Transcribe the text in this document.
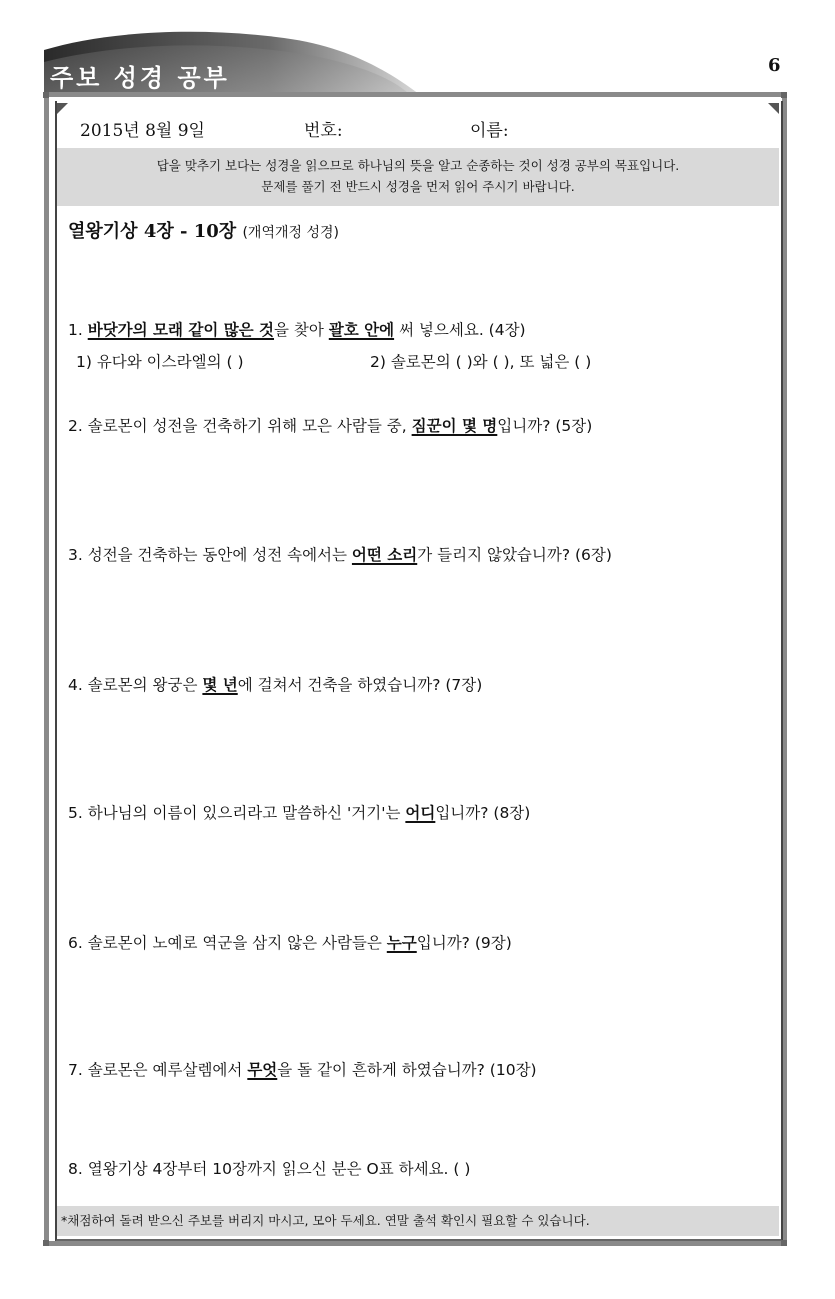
주보 성경 공부	6
2015년 8월 9일	번호:	이름:
답을 맞추기 보다는 성경을 읽으므로 하나님의 뜻을 알고 순종하는 것이 성경 공부의 목표입니다.
문제를 풀기 전 반드시 성경을 먼저 읽어 주시기 바랍니다.
열왕기상 4장 - 10장 (개역개정 성경)
1. 바닷가의 모래 같이 많은 것을 찾아 괄호 안에 써 넣으세요. (4장)
1) 유다와 이스라엘의 ( )	2) 솔로몬의 ( )와 ( ), 또 넓은 ( )
2. 솔로몬이 성전을 건축하기 위해 모은 사람들 중, 짐꾼이 몇 명입니까? (5장)
3. 성전을 건축하는 동안에 성전 속에서는 어떤 소리가 들리지 않았습니까? (6장)
4. 솔로몬의 왕궁은 몇 년에 걸쳐서 건축을 하였습니까? (7장)
5. 하나님의 이름이 있으리라고 말씀하신 '거기'는 어디입니까? (8장)
6. 솔로몬이 노예로 역군을 삼지 않은 사람들은 누구입니까? (9장)
7. 솔로몬은 예루살렘에서 무엇을 돌 같이 흔하게 하였습니까? (10장)
8. 열왕기상 4장부터 10장까지 읽으신 분은 O표 하세요. ( )
*채점하여 돌려 받으신 주보를 버리지 마시고, 모아 두세요. 연말 출석 확인시 필요할 수 있습니다.
